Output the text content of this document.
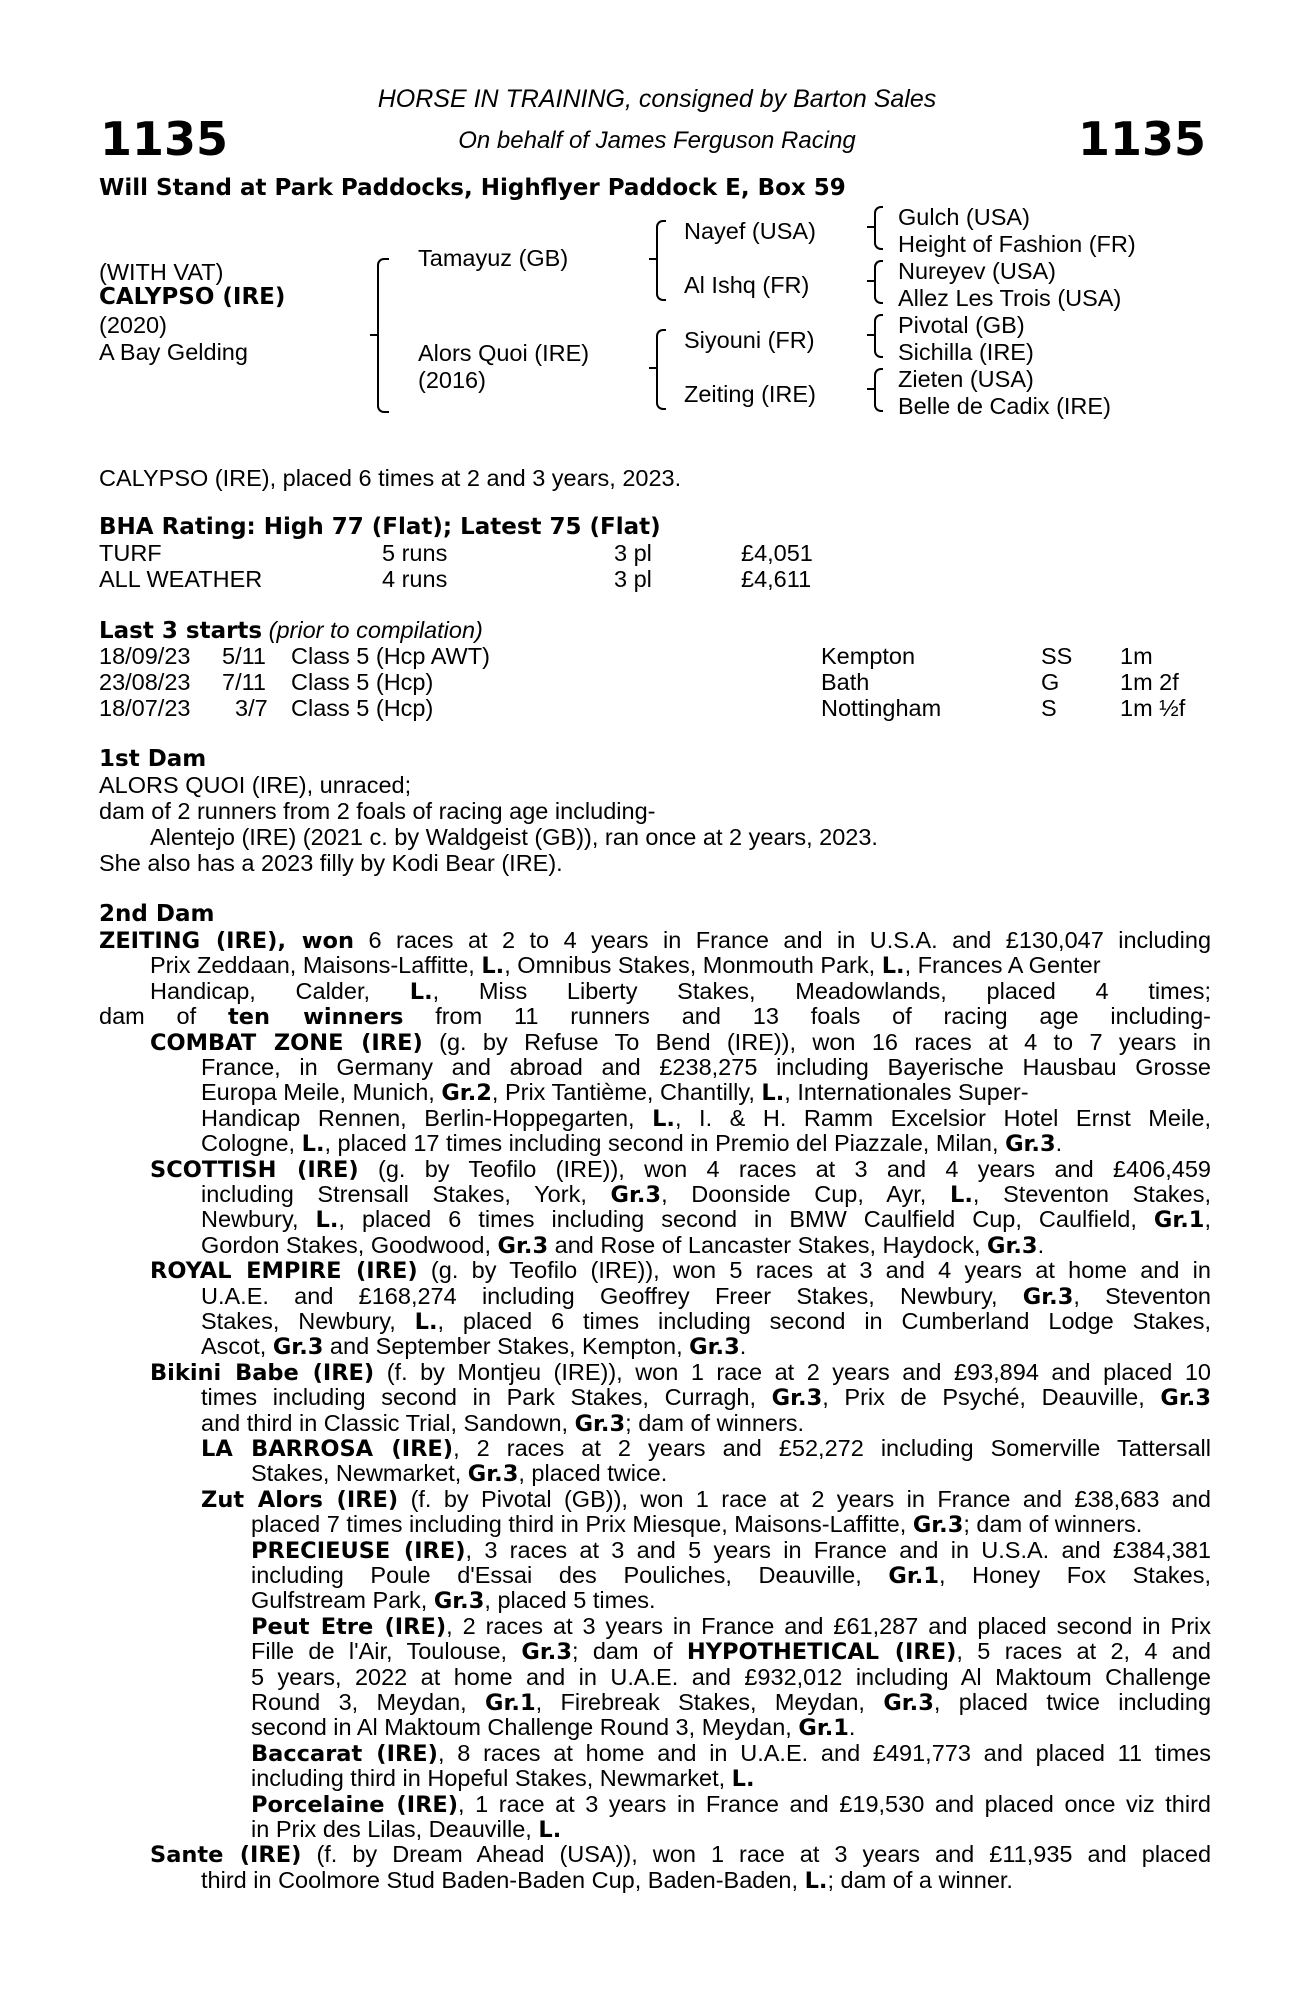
1135	1135
HORSE IN TRAINING, consigned by Barton Sales
On behalf of James Ferguson Racing
Will Stand at Park Paddocks, Highflyer Paddock E, Box 59
(WITH VAT)
CALYPSO (IRE)
(2020)
A Bay Gelding
Tamayuz (GB)
Alors Quoi (IRE)
(2016)
Nayef (USA)
Al Ishq (FR)
Siyouni (FR)
Zeiting (IRE)
Gulch (USA)
Height of Fashion (FR)
Nureyev (USA)
Allez Les Trois (USA)
Pivotal (GB)
Sichilla (IRE)
Zieten (USA)
Belle de Cadix (IRE)
CALYPSO (IRE), placed 6 times at 2 and 3 years, 2023.
BHA Rating: High 77 (Flat); Latest 75 (Flat)
TURF	5 runs	3 pl	£4,051
ALL WEATHER	4 runs	3 pl	£4,611
Last 3 starts (prior to compilation)
18/09/23 5/11 Class 5 (Hcp AWT)	Kempton	SS 1m
23/08/23 7/11 Class 5 (Hcp)	Bath	G	1m 2f
18/07/23 3/7 Class 5 (Hcp)	Nottingham	S	1m ½f
1st Dam
ALORS QUOI (IRE), unraced;
dam of 2 runners from 2 foals of racing age including-
Alentejo (IRE) (2021 c. by Waldgeist (GB)), ran once at 2 years, 2023.
She also has a 2023 filly by Kodi Bear (IRE).
2nd Dam
ZEITING (IRE), won 6 races at 2 to 4 years in France and in U.S.A. and £130,047 including
Prix Zeddaan, Maisons-Laffitte, L., Omnibus Stakes, Monmouth Park, L., Frances A Genter
Handicap, Calder, L., Miss Liberty Stakes, Meadowlands, placed 4 times;
dam of ten winners from 11 runners and 13 foals of racing age including-
COMBAT ZONE (IRE) (g. by Refuse To Bend (IRE)), won 16 races at 4 to 7 years in
France, in Germany and abroad and £238,275 including Bayerische Hausbau Grosse
Europa Meile, Munich, Gr.2, Prix Tantième, Chantilly, L., Internationales Super-
Handicap Rennen, Berlin-Hoppegarten, L., I. & H. Ramm Excelsior Hotel Ernst Meile,
Cologne, L., placed 17 times including second in Premio del Piazzale, Milan, Gr.3.
SCOTTISH (IRE) (g. by Teofilo (IRE)), won 4 races at 3 and 4 years and £406,459
including Strensall Stakes, York, Gr.3, Doonside Cup, Ayr, L., Steventon Stakes,
Newbury, L., placed 6 times including second in BMW Caulfield Cup, Caulfield, Gr.1,
Gordon Stakes, Goodwood, Gr.3 and Rose of Lancaster Stakes, Haydock, Gr.3.
ROYAL EMPIRE (IRE) (g. by Teofilo (IRE)), won 5 races at 3 and 4 years at home and in
U.A.E. and £168,274 including Geoffrey Freer Stakes, Newbury, Gr.3, Steventon
Stakes, Newbury, L., placed 6 times including second in Cumberland Lodge Stakes,
Ascot, Gr.3 and September Stakes, Kempton, Gr.3.
Bikini Babe (IRE) (f. by Montjeu (IRE)), won 1 race at 2 years and £93,894 and placed 10
times including second in Park Stakes, Curragh, Gr.3, Prix de Psyché, Deauville, Gr.3
and third in Classic Trial, Sandown, Gr.3; dam of winners.
LA BARROSA (IRE), 2 races at 2 years and £52,272 including Somerville Tattersall
Stakes, Newmarket, Gr.3, placed twice.
Zut Alors (IRE) (f. by Pivotal (GB)), won 1 race at 2 years in France and £38,683 and
placed 7 times including third in Prix Miesque, Maisons-Laffitte, Gr.3; dam of winners.
PRECIEUSE (IRE), 3 races at 3 and 5 years in France and in U.S.A. and £384,381
including Poule d'Essai des Pouliches, Deauville, Gr.1, Honey Fox Stakes,
Gulfstream Park, Gr.3, placed 5 times.
Peut Etre (IRE), 2 races at 3 years in France and £61,287 and placed second in Prix
Fille de l'Air, Toulouse, Gr.3; dam of HYPOTHETICAL (IRE), 5 races at 2, 4 and
5 years, 2022 at home and in U.A.E. and £932,012 including Al Maktoum Challenge
Round 3, Meydan, Gr.1, Firebreak Stakes, Meydan, Gr.3, placed twice including
second in Al Maktoum Challenge Round 3, Meydan, Gr.1.
Baccarat (IRE), 8 races at home and in U.A.E. and £491,773 and placed 11 times
including third in Hopeful Stakes, Newmarket, L.
Porcelaine (IRE), 1 race at 3 years in France and £19,530 and placed once viz third
in Prix des Lilas, Deauville, L.
Sante (IRE) (f. by Dream Ahead (USA)), won 1 race at 3 years and £11,935 and placed
third in Coolmore Stud Baden-Baden Cup, Baden-Baden, L.; dam of a winner.
